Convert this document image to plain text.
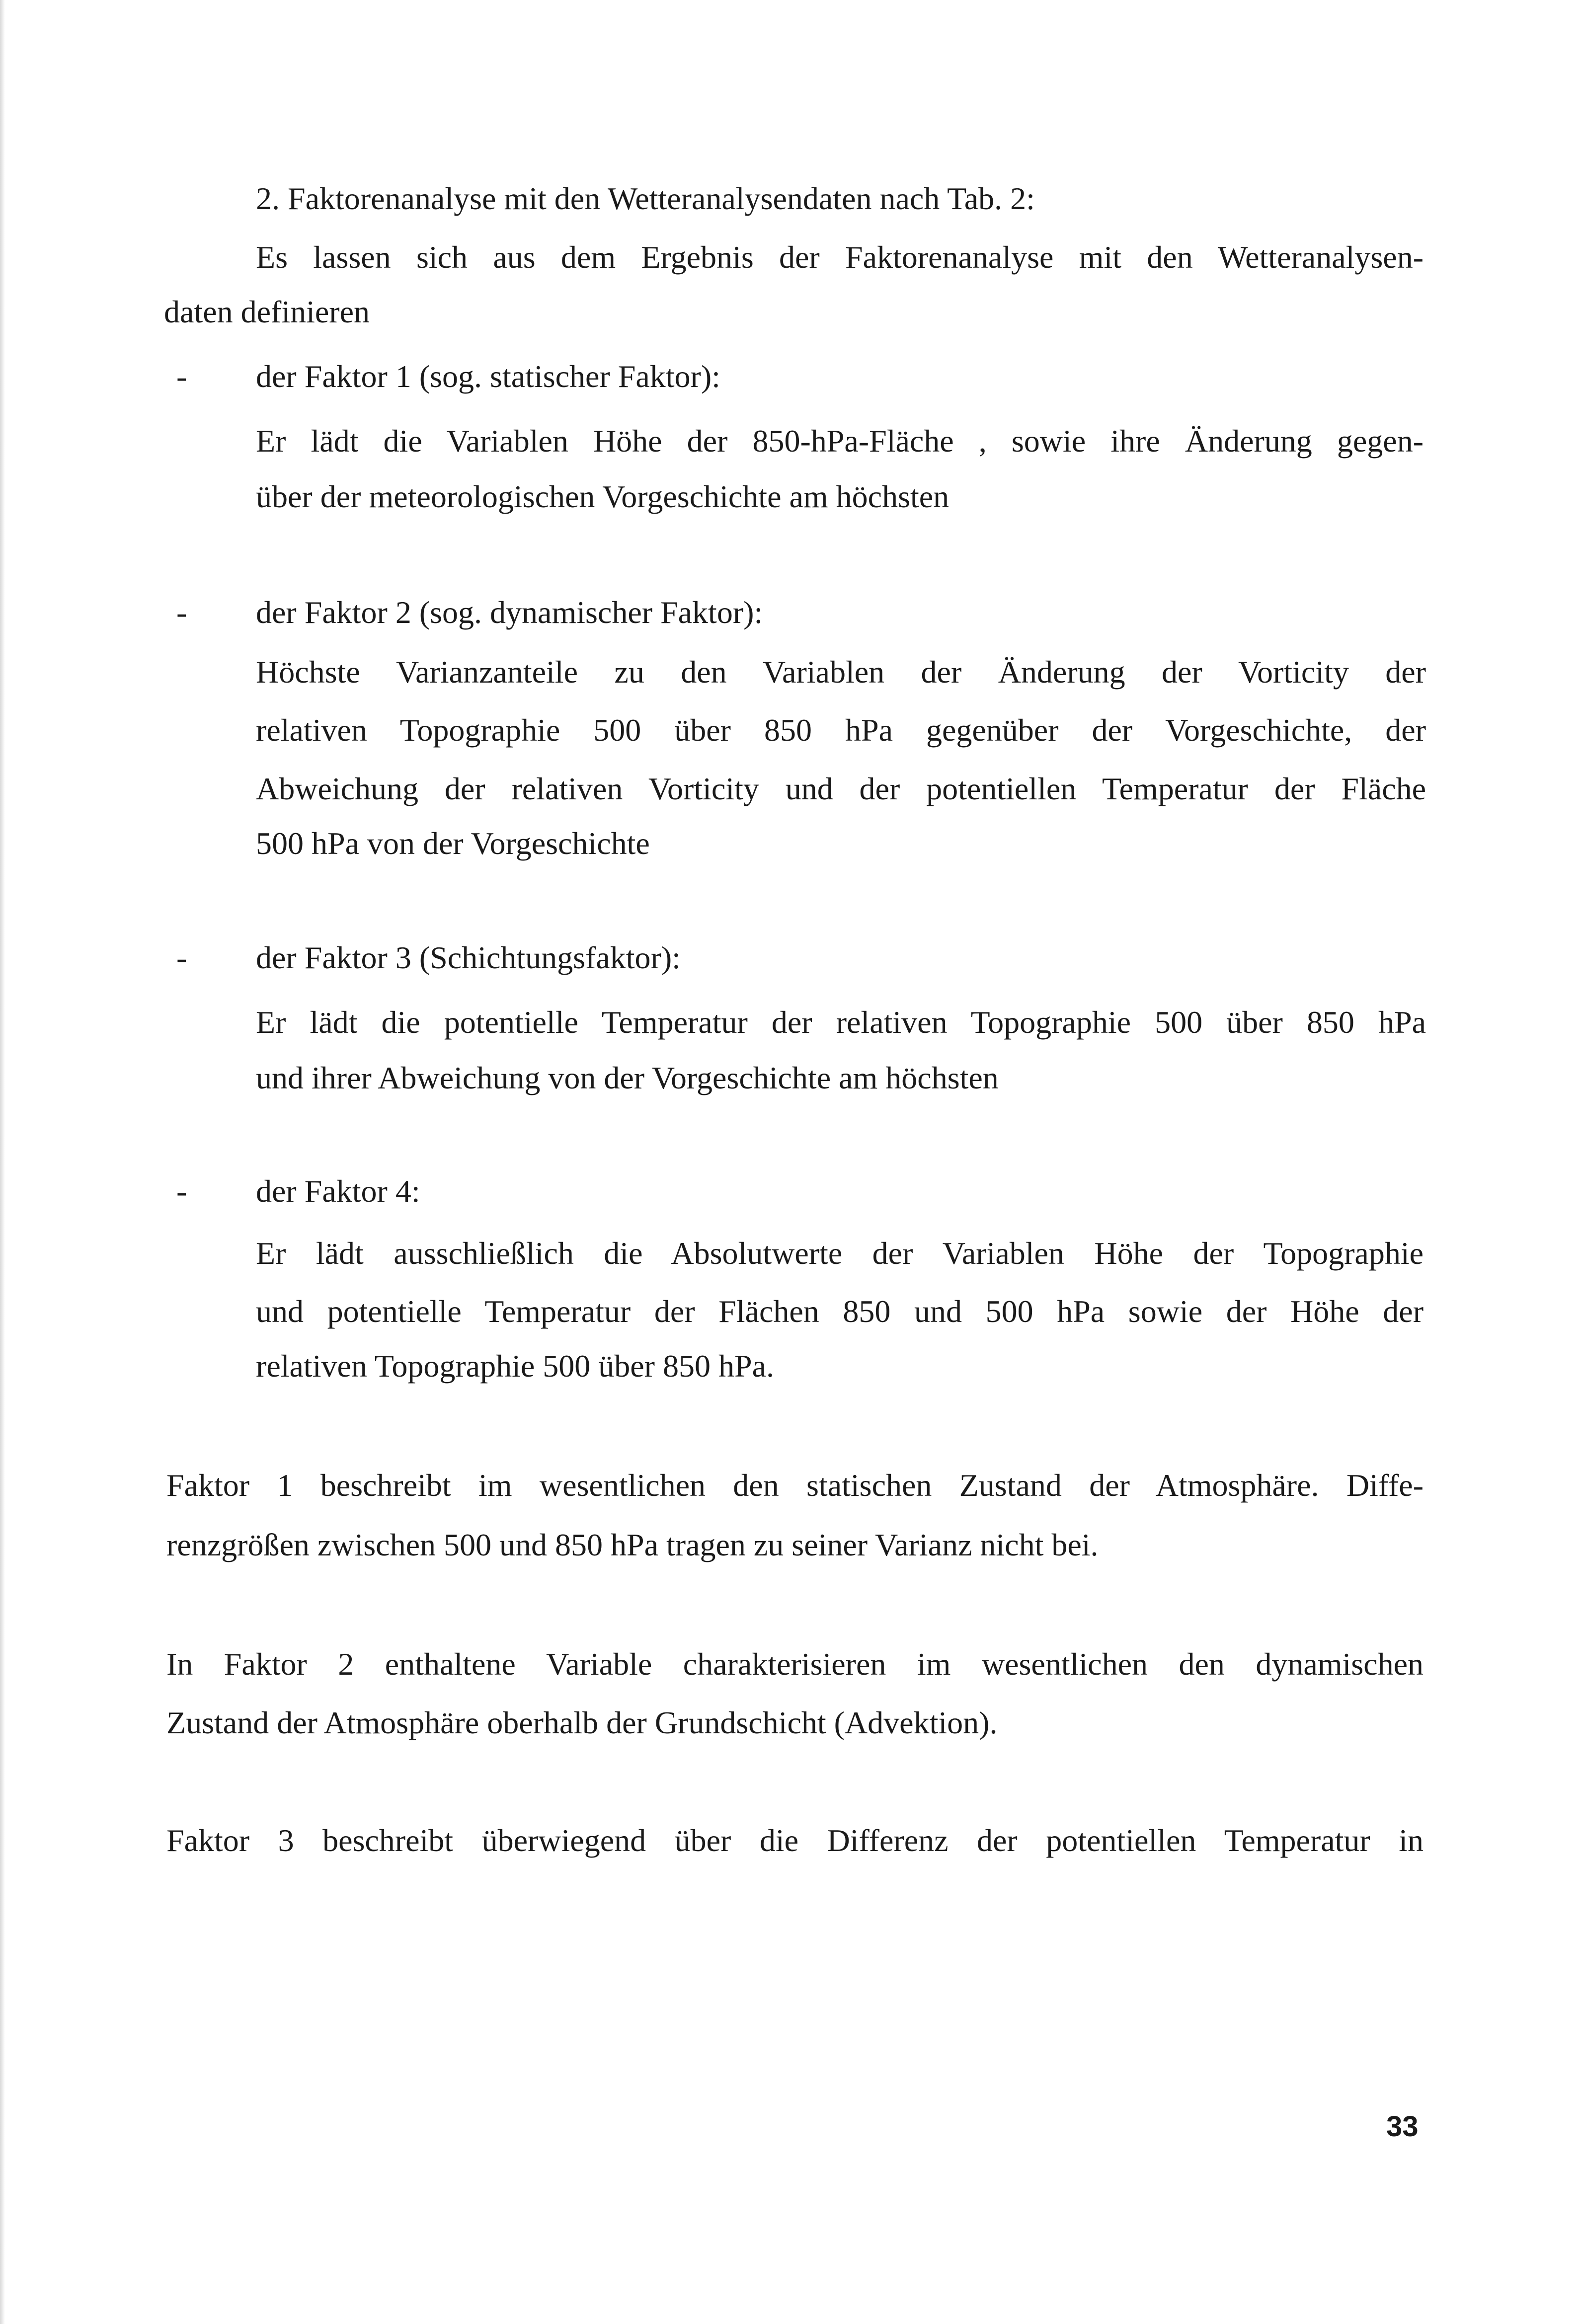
2. Faktorenanalyse mit den Wetteranalysendaten nach Tab. 2:
Es lassen sich aus dem Ergebnis der Faktorenanalyse mit den Wetteranalysen-
daten definieren
- der Faktor 1 (sog. statischer Faktor):
Er lädt die Variablen Höhe der 850-hPa-Fläche , sowie ihre Änderung gegen-
über der meteorologischen Vorgeschichte am höchsten
- der Faktor 2 (sog. dynamischer Faktor):
Höchste Varianzanteile zu den Variablen der Änderung der Vorticity der
relativen Topographie 500 über 850 hPa gegenüber der Vorgeschichte, der
Abweichung der relativen Vorticity und der potentiellen Temperatur der Fläche
500 hPa von der Vorgeschichte
- der Faktor 3 (Schichtungsfaktor):
Er lädt die potentielle Temperatur der relativen Topographie 500 über 850 hPa
und ihrer Abweichung von der Vorgeschichte am höchsten
- der Faktor 4:
Er lädt ausschließlich die Absolutwerte der Variablen Höhe der Topographie
und potentielle Temperatur der Flächen 850 und 500 hPa sowie der Höhe der
relativen Topographie 500 über 850 hPa.
Faktor 1 beschreibt im wesentlichen den statischen Zustand der Atmosphäre. Diffe-
renzgrößen zwischen 500 und 850 hPa tragen zu seiner Varianz nicht bei.
In Faktor 2 enthaltene Variable charakterisieren im wesentlichen den dynamischen
Zustand der Atmosphäre oberhalb der Grundschicht (Advektion).
Faktor 3 beschreibt überwiegend über die Differenz der potentiellen Temperatur in
33
